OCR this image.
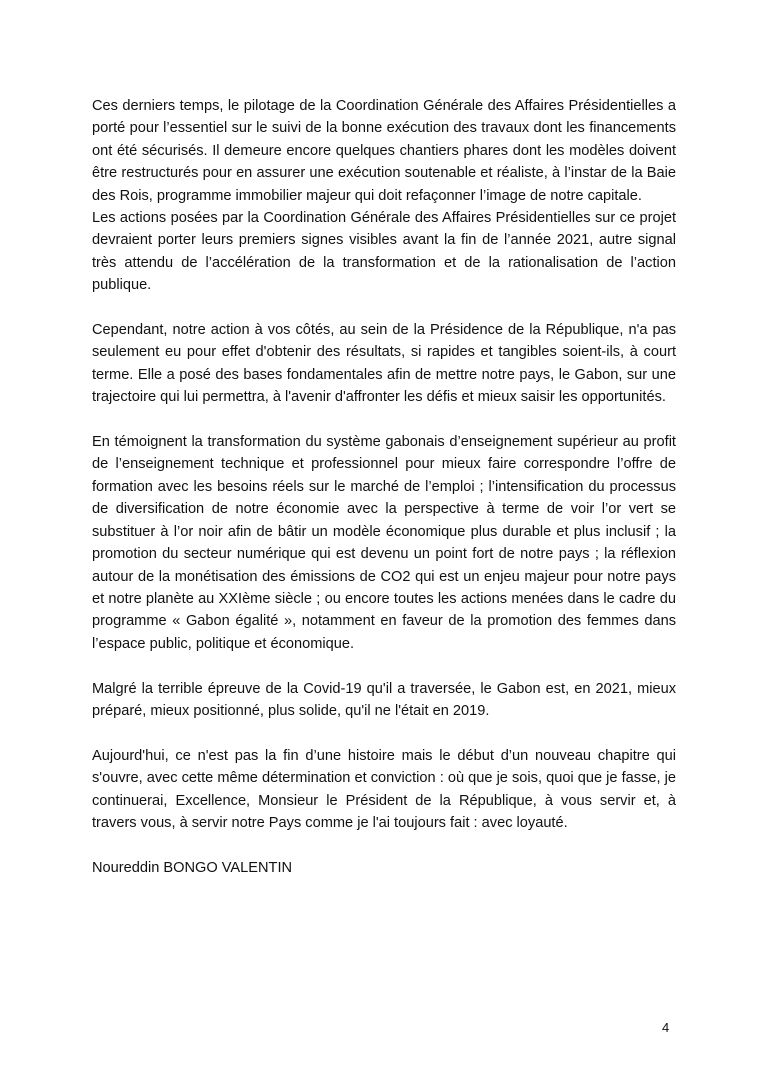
Ces derniers temps, le pilotage de la Coordination Générale des Affaires Présidentielles a porté pour l’essentiel sur le suivi de la bonne exécution des travaux dont les financements ont été sécurisés. Il demeure encore quelques chantiers phares dont les modèles doivent être restructurés pour en assurer une exécution soutenable et réaliste, à l’instar de la Baie des Rois, programme immobilier majeur qui doit refaçonner l’image de notre capitale.

Les actions posées par la Coordination Générale des Affaires Présidentielles sur ce projet devraient porter leurs premiers signes visibles avant la fin de l’année 2021, autre signal très attendu de l’accélération de la transformation et de la rationalisation de l’action publique.

Cependant, notre action à vos côtés, au sein de la Présidence de la République, n'a pas seulement eu pour effet d'obtenir des résultats, si rapides et tangibles soient-ils, à court terme. Elle a posé des bases fondamentales afin de mettre notre pays, le Gabon, sur une trajectoire qui lui permettra, à l'avenir d'affronter les défis et mieux saisir les opportunités.

En témoignent la transformation du système gabonais d’enseignement supérieur au profit de l’enseignement technique et professionnel pour mieux faire correspondre l’offre de formation avec les besoins réels sur le marché de l’emploi ; l’intensification du processus de diversification de notre économie avec la perspective à terme de voir l’or vert se substituer à l’or noir afin de bâtir un modèle économique plus durable et plus inclusif ; la promotion du secteur numérique qui est devenu un point fort de notre pays ; la réflexion autour de la monétisation des émissions de CO2 qui est un enjeu majeur pour notre pays et notre planète au XXIème siècle ; ou encore toutes les actions menées dans le cadre du programme « Gabon égalité », notamment en faveur de la promotion des femmes dans l’espace public, politique et économique.

Malgré la terrible épreuve de la Covid-19 qu'il a traversée, le Gabon est, en 2021, mieux préparé, mieux positionné, plus solide, qu'il ne l'était en 2019.

Aujourd'hui, ce n'est pas la fin d’une histoire mais le début d’un nouveau chapitre qui s'ouvre, avec cette même détermination et conviction : où que je sois, quoi que je fasse, je continuerai, Excellence, Monsieur le Président de la République, à vous servir et, à travers vous, à servir notre Pays comme je l'ai toujours fait : avec loyauté.

Noureddin BONGO VALENTIN

4
